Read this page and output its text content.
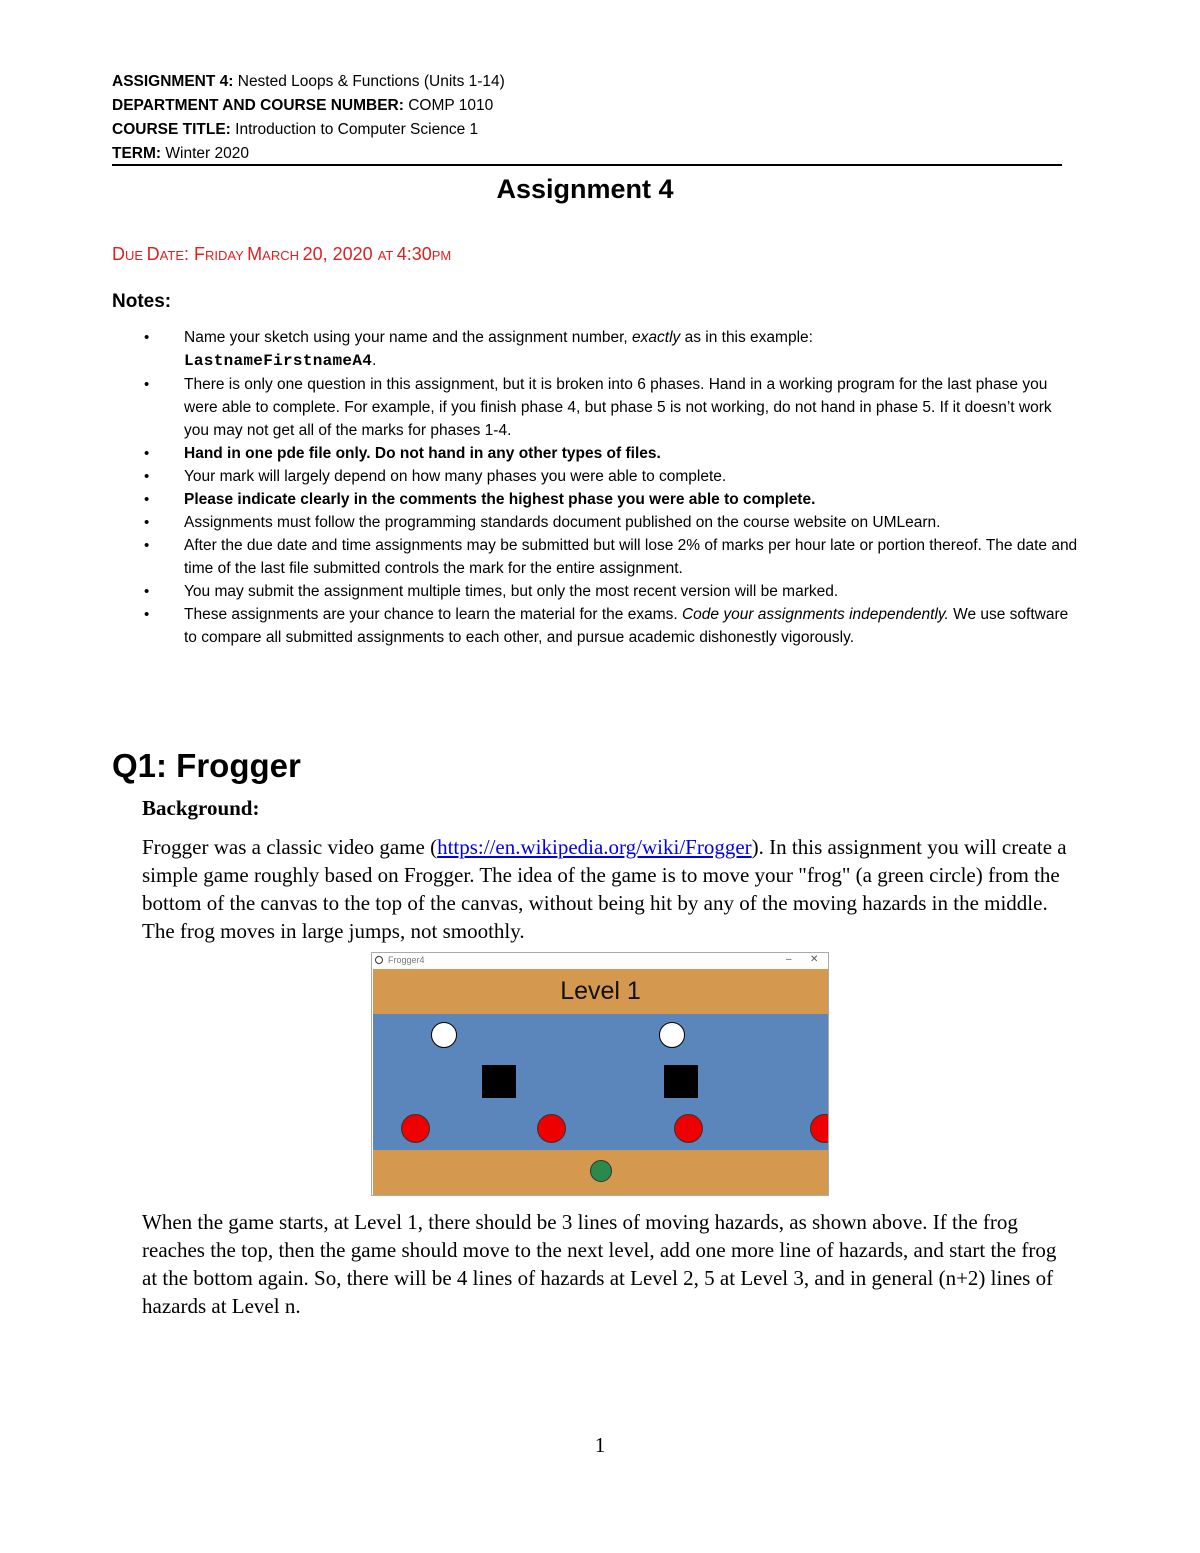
ASSIGNMENT 4: Nested Loops & Functions (Units 1-14)
DEPARTMENT AND COURSE NUMBER: COMP 1010
COURSE TITLE: Introduction to Computer Science 1
TERM: Winter 2020
Assignment 4
DUE DATE: FRIDAY MARCH 20, 2020 AT 4:30PM
Notes:
• Name your sketch using your name and the assignment number, exactly as in this example:
LastnameFirstnameA4.
• There is only one question in this assignment, but it is broken into 6 phases. Hand in a working program for the last phase you were able to complete. For example, if you finish phase 4, but phase 5 is not working, do not hand in phase 5. If it doesn’t work you may not get all of the marks for phases 1-4.
• Hand in one pde file only. Do not hand in any other types of files.
• Your mark will largely depend on how many phases you were able to complete.
• Please indicate clearly in the comments the highest phase you were able to complete.
• Assignments must follow the programming standards document published on the course website on UMLearn.
• After the due date and time assignments may be submitted but will lose 2% of marks per hour late or portion thereof. The date and time of the last file submitted controls the mark for the entire assignment.
• You may submit the assignment multiple times, but only the most recent version will be marked.
• These assignments are your chance to learn the material for the exams. Code your assignments independently. We use software to compare all submitted assignments to each other, and pursue academic dishonestly vigorously.
Q1: Frogger
Background:
Frogger was a classic video game (https://en.wikipedia.org/wiki/Frogger). In this assignment you will create a simple game roughly based on Frogger. The idea of the game is to move your "frog" (a green circle) from the bottom of the canvas to the top of the canvas, without being hit by any of the moving hazards in the middle. The frog moves in large jumps, not smoothly.
Frogger4	– ✕
Level 1
When the game starts, at Level 1, there should be 3 lines of moving hazards, as shown above. If the frog reaches the top, then the game should move to the next level, add one more line of hazards, and start the frog at the bottom again. So, there will be 4 lines of hazards at Level 2, 5 at Level 3, and in general (n+2) lines of hazards at Level n.
1
